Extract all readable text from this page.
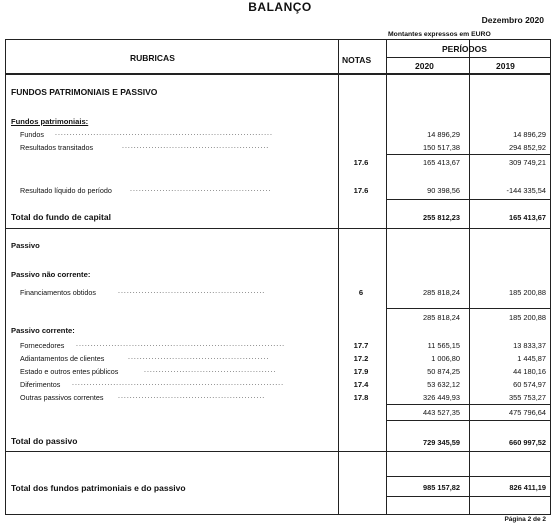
BALANÇO
Dezembro 2020
Montantes expressos em EURO
RUBRICAS	NOTAS
PERÍODOS
2020	2019
FUNDOS PATRIMONIAIS E PASSIVO
Fundos patrimoniais:
Fundos ..........................................................................	14 896,29	14 896,29
Resultados transitados	..................................................	150 517,38	294 852,92
17.6	165 413,67	309 749,21
Resultado líquido do período	................................................	17.6	90 398,56	-144 335,54
Total do fundo de capital	255 812,23	165 413,67
Passivo
Passivo não corrente:
Financiamentos obtidos	..................................................	6	285 818,24	185 200,88
285 818,24	185 200,88
Passivo corrente:
Fornecedores .......................................................................	17.7	11 565,15	13 833,37
Adiantamentos de clientes	................................................	17.2	1 006,80	1 445,87
Estado e outros entes públicos	.............................................	17.9	50 874,25	44 180,16
Diferimentos ........................................................................	17.4	53 632,12	60 574,97
Outras passivos correntes ..................................................	17.8	326 449,93	355 753,27
443 527,35	475 796,64
Total do passivo	729 345,59	660 997,52
Total dos fundos patrimoniais e do passivo	985 157,82	826 411,19
Página 2 de 2
